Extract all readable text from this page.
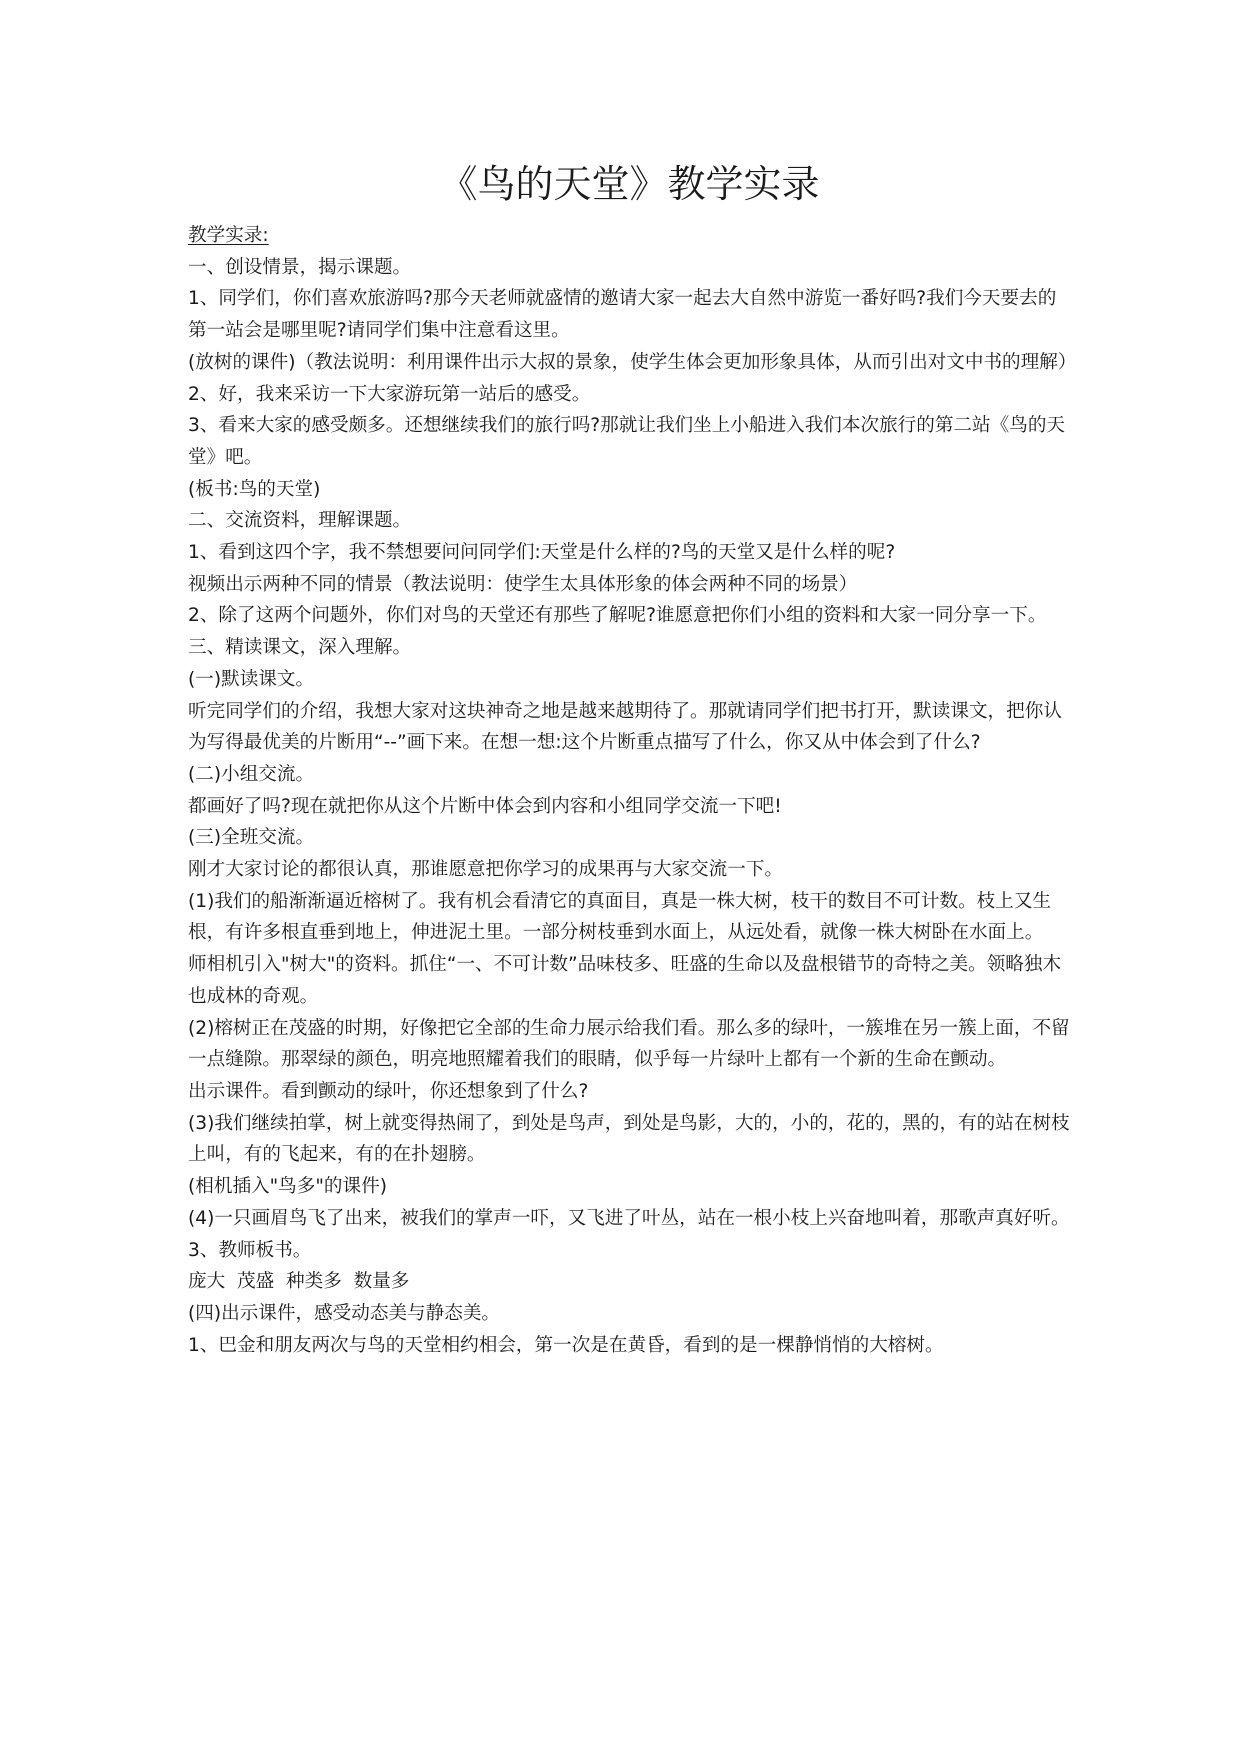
《鸟的天堂》教学实录

教学实录:

一、创设情景，揭示课题。

1、同学们，你们喜欢旅游吗?那今天老师就盛情的邀请大家一起去大自然中游览一番好吗?我们今天要去的第一站会是哪里呢?请同学们集中注意看这里。

(放树的课件)（教法说明：利用课件出示大叔的景象，使学生体会更加形象具体，从而引出对文中书的理解）

2、好，我来采访一下大家游玩第一站后的感受。

3、看来大家的感受颇多。还想继续我们的旅行吗?那就让我们坐上小船进入我们本次旅行的第二站《鸟的天堂》吧。

(板书:鸟的天堂)

二、交流资料，理解课题。

1、看到这四个字，我不禁想要问问同学们:天堂是什么样的?鸟的天堂又是什么样的呢?

视频出示两种不同的情景（教法说明：使学生太具体形象的体会两种不同的场景）

2、除了这两个问题外，你们对鸟的天堂还有那些了解呢?谁愿意把你们小组的资料和大家一同分享一下。

三、精读课文，深入理解。

(一)默读课文。

听完同学们的介绍，我想大家对这块神奇之地是越来越期待了。那就请同学们把书打开，默读课文，把你认为写得最优美的片断用“--”画下来。在想一想:这个片断重点描写了什么，你又从中体会到了什么?

(二)小组交流。

都画好了吗?现在就把你从这个片断中体会到内容和小组同学交流一下吧!

(三)全班交流。

刚才大家讨论的都很认真，那谁愿意把你学习的成果再与大家交流一下。

(1)我们的船渐渐逼近榕树了。我有机会看清它的真面目，真是一株大树，枝干的数目不可计数。枝上又生根，有许多根直垂到地上，伸进泥土里。一部分树枝垂到水面上，从远处看，就像一株大树卧在水面上。

师相机引入"树大"的资料。抓住“一、不可计数”品味枝多、旺盛的生命以及盘根错节的奇特之美。领略独木也成林的奇观。

(2)榕树正在茂盛的时期，好像把它全部的生命力展示给我们看。那么多的绿叶，一簇堆在另一簇上面，不留一点缝隙。那翠绿的颜色，明亮地照耀着我们的眼睛，似乎每一片绿叶上都有一个新的生命在颤动。

出示课件。看到颤动的绿叶，你还想象到了什么?

(3)我们继续拍掌，树上就变得热闹了，到处是鸟声，到处是鸟影，大的，小的，花的，黑的，有的站在树枝上叫，有的飞起来，有的在扑翅膀。

(相机插入"鸟多"的课件)

(4)一只画眉鸟飞了出来，被我们的掌声一吓，又飞进了叶丛，站在一根小枝上兴奋地叫着，那歌声真好听。

3、教师板书。

庞大  茂盛  种类多  数量多

(四)出示课件，感受动态美与静态美。

1、巴金和朋友两次与鸟的天堂相约相会，第一次是在黄昏，看到的是一棵静悄悄的大榕树。
